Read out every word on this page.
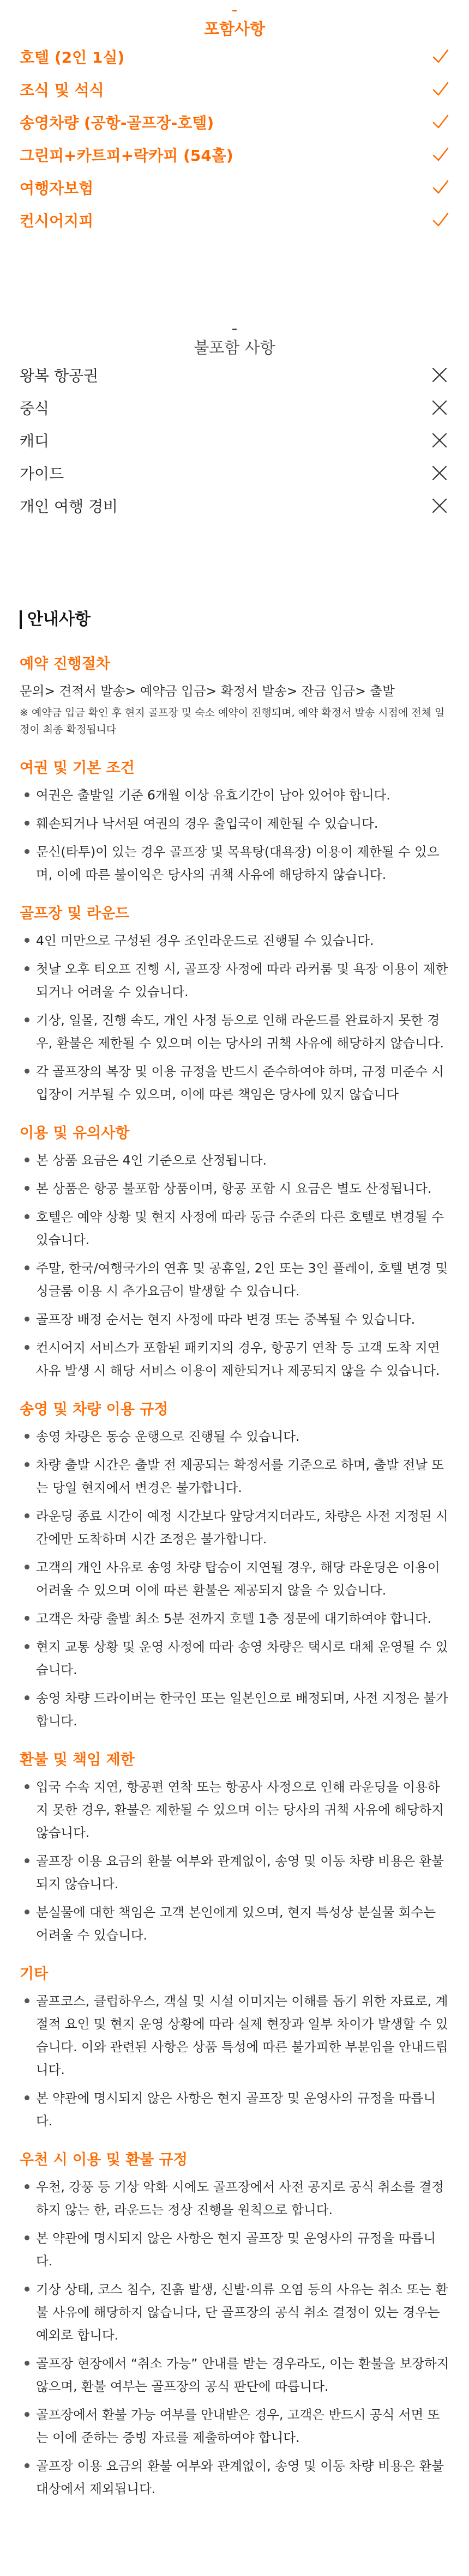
포함사항
호텔 (2인 1실)
조식 및 석식
송영차량 (공항-골프장-호텔)
그린피+카트피+락카피 (54홀)
여행자보험
컨시어지피
불포함 사항
왕복 항공권
중식
캐디
가이드
개인 여행 경비
안내사항

예약 진행절차

문의> 견적서 발송> 예약금 입금> 확정서 발송> 잔금 입금> 출발

※ 예약금 입금 확인 후 현지 골프장 및 숙소 예약이 진행되며, 예약 확정서 발송 시점에 전체 일정이 최종 확정됩니다

여권 및 기본 조건

여권은 출발일 기준 6개월 이상 유효기간이 남아 있어야 합니다.
훼손되거나 낙서된 여권의 경우 출입국이 제한될 수 있습니다.
문신(타투)이 있는 경우 골프장 및 목욕탕(대욕장) 이용이 제한될 수 있으며, 이에 따른 불이익은 당사의 귀책 사유에 해당하지 않습니다.

골프장 및 라운드

4인 미만으로 구성된 경우 조인라운드로 진행될 수 있습니다.
첫날 오후 티오프 진행 시, 골프장 사정에 따라 라커룸 및 욕장 이용이 제한되거나 어려울 수 있습니다.
기상, 일몰, 진행 속도, 개인 사정 등으로 인해 라운드를 완료하지 못한 경우, 환불은 제한될 수 있으며 이는 당사의 귀책 사유에 해당하지 않습니다.
각 골프장의 복장 및 이용 규정을 반드시 준수하여야 하며, 규정 미준수 시 입장이 거부될 수 있으며, 이에 따른 책임은 당사에 있지 않습니다

이용 및 유의사항

본 상품 요금은 4인 기준으로 산정됩니다.
본 상품은 항공 불포함 상품이며, 항공 포함 시 요금은 별도 산정됩니다.
호텔은 예약 상황 및 현지 사정에 따라 동급 수준의 다른 호텔로 변경될 수 있습니다.
주말, 한국/여행국가의 연휴 및 공휴일, 2인 또는 3인 플레이, 호텔 변경 및 싱글룸 이용 시 추가요금이 발생할 수 있습니다.
골프장 배정 순서는 현지 사정에 따라 변경 또는 중복될 수 있습니다.
컨시어지 서비스가 포함된 패키지의 경우, 항공기 연착 등 고객 도착 지연 사유 발생 시 해당 서비스 이용이 제한되거나 제공되지 않을 수 있습니다.

송영 및 차량 이용 규정

송영 차량은 동승 운행으로 진행될 수 있습니다.
차량 출발 시간은 출발 전 제공되는 확정서를 기준으로 하며, 출발 전날 또는 당일 현지에서 변경은 불가합니다.
라운딩 종료 시간이 예정 시간보다 앞당겨지더라도, 차량은 사전 지정된 시간에만 도착하며 시간 조정은 불가합니다.
고객의 개인 사유로 송영 차량 탑승이 지연될 경우, 해당 라운딩은 이용이 어려울 수 있으며 이에 따른 환불은 제공되지 않을 수 있습니다.
고객은 차량 출발 최소 5분 전까지 호텔 1층 정문에 대기하여야 합니다.
현지 교통 상황 및 운영 사정에 따라 송영 차량은 택시로 대체 운영될 수 있습니다.
송영 차량 드라이버는 한국인 또는 일본인으로 배정되며, 사전 지정은 불가합니다.

환불 및 책임 제한

입국 수속 지연, 항공편 연착 또는 항공사 사정으로 인해 라운딩을 이용하지 못한 경우, 환불은 제한될 수 있으며 이는 당사의 귀책 사유에 해당하지 않습니다.
골프장 이용 요금의 환불 여부와 관계없이, 송영 및 이동 차량 비용은 환불되지 않습니다.
분실물에 대한 책임은 고객 본인에게 있으며, 현지 특성상 분실물 회수는 어려울 수 있습니다.

기타

골프코스, 클럽하우스, 객실 및 시설 이미지는 이해를 돕기 위한 자료로, 계절적 요인 및 현지 운영 상황에 따라 실제 현장과 일부 차이가 발생할 수 있습니다. 이와 관련된 사항은 상품 특성에 따른 불가피한 부분임을 안내드립니다.
본 약관에 명시되지 않은 사항은 현지 골프장 및 운영사의 규정을 따릅니다.

우천 시 이용 및 환불 규정

우천, 강풍 등 기상 악화 시에도 골프장에서 사전 공지로 공식 취소를 결정하지 않는 한, 라운드는 정상 진행을 원칙으로 합니다.
본 약관에 명시되지 않은 사항은 현지 골프장 및 운영사의 규정을 따릅니다.
기상 상태, 코스 침수, 진흙 발생, 신발·의류 오염 등의 사유는 취소 또는 환불 사유에 해당하지 않습니다, 단 골프장의 공식 취소 결정이 있는 경우는 예외로 합니다.
골프장 현장에서 “취소 가능” 안내를 받는 경우라도, 이는 환불을 보장하지 않으며, 환불 여부는 골프장의 공식 판단에 따릅니다.
골프장에서 환불 가능 여부를 안내받은 경우, 고객은 반드시 공식 서면 또는 이에 준하는 증빙 자료를 제출하여야 합니다.
골프장 이용 요금의 환불 여부와 관계없이, 송영 및 이동 차량 비용은 환불 대상에서 제외됩니다.
